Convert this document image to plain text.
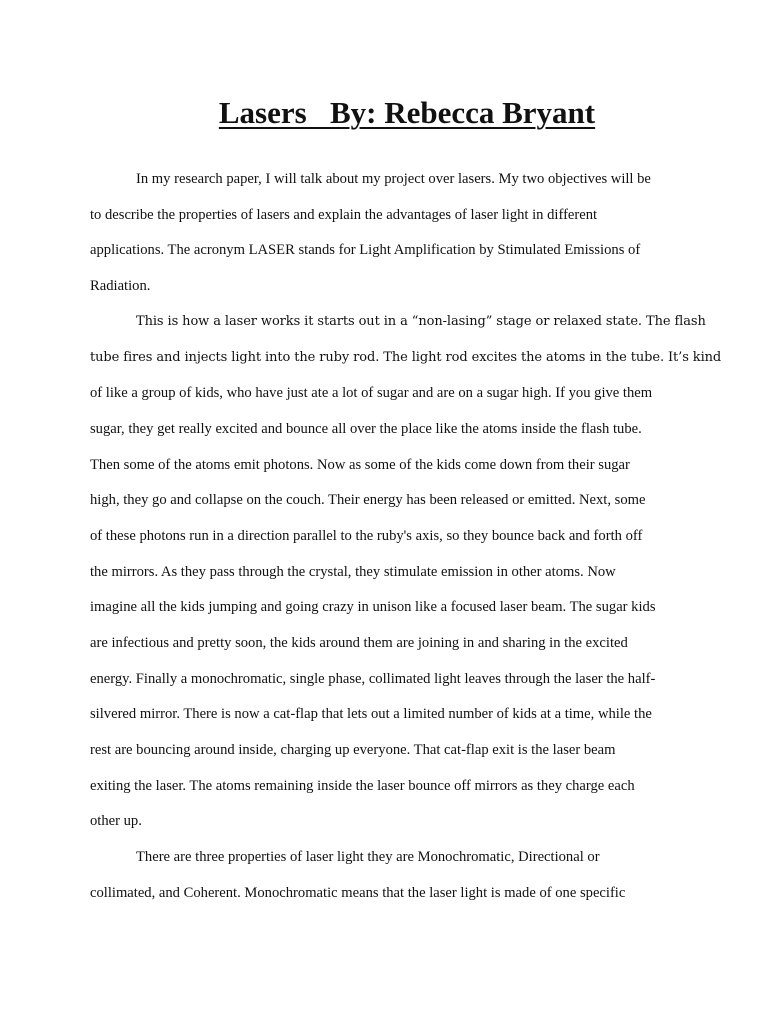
Lasers   By: Rebecca Bryant

In my research paper, I will talk about my project over lasers. My two objectives will be

to describe the properties of lasers and explain the advantages of laser light in different

applications. The acronym LASER stands for Light Amplification by Stimulated Emissions of

Radiation.

This is how a laser works it starts out in a “non-lasing” stage or relaxed state. The flash

tube fires and injects light into the ruby rod. The light rod excites the atoms in the tube. It’s kind

of like a group of kids, who have just ate a lot of sugar and are on a sugar high. If you give them

sugar, they get really excited and bounce all over the place like the atoms inside the flash tube.

Then some of the atoms emit photons. Now as some of the kids come down from their sugar

high, they go and collapse on the couch. Their energy has been released or emitted. Next, some

of these photons run in a direction parallel to the ruby's axis, so they bounce back and forth off

the mirrors. As they pass through the crystal, they stimulate emission in other atoms. Now

imagine all the kids jumping and going crazy in unison like a focused laser beam. The sugar kids

are infectious and pretty soon, the kids around them are joining in and sharing in the excited

energy. Finally a monochromatic, single phase, collimated light leaves through the laser the half-

silvered mirror. There is now a cat-flap that lets out a limited number of kids at a time, while the

rest are bouncing around inside, charging up everyone. That cat-flap exit is the laser beam

exiting the laser. The atoms remaining inside the laser bounce off mirrors as they charge each

other up.

There are three properties of laser light they are Monochromatic, Directional or

collimated, and Coherent. Monochromatic means that the laser light is made of one specific
